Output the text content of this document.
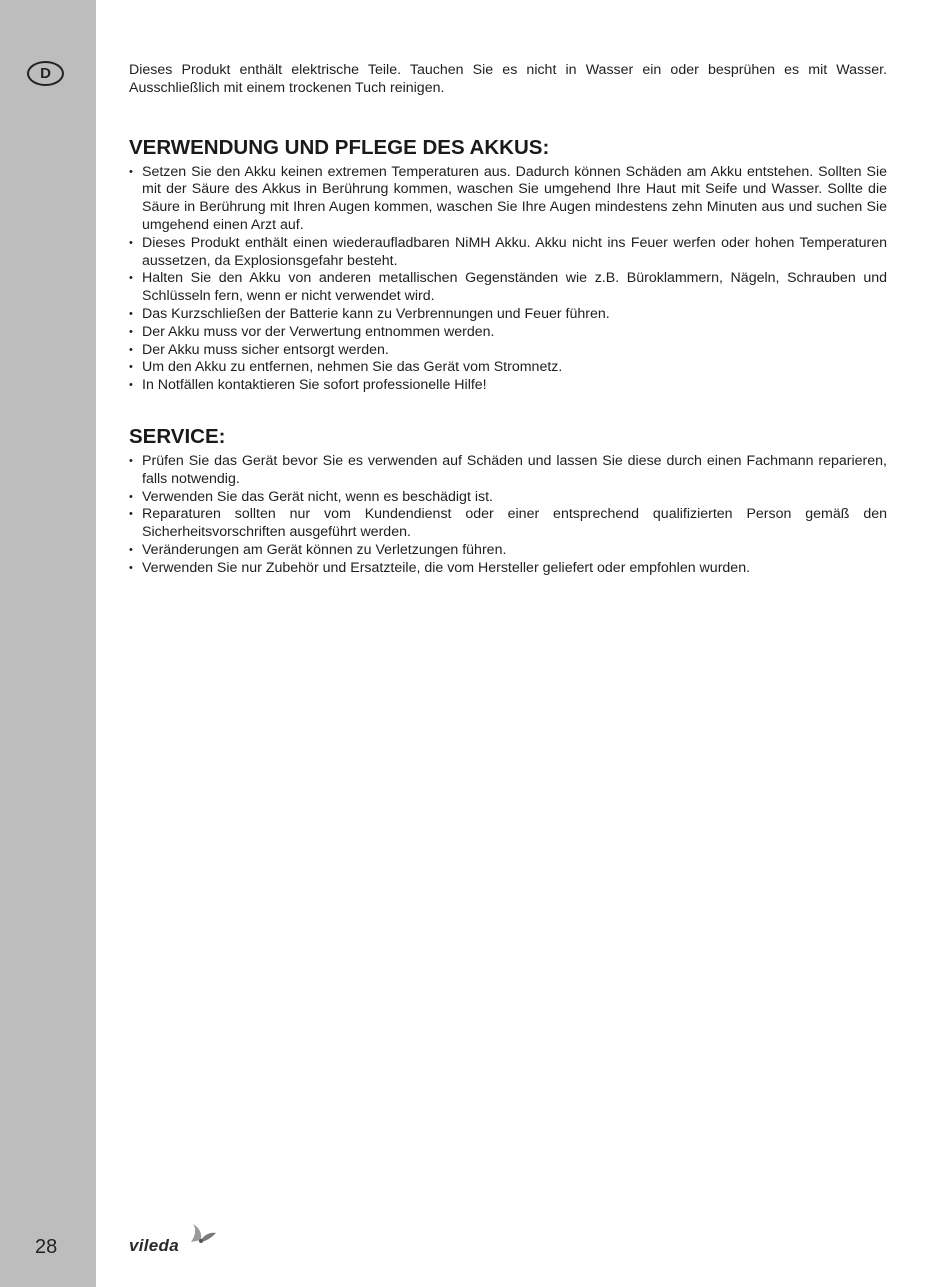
D
28

Dieses Produkt enthält elektrische Teile. Tauchen Sie es nicht in Wasser ein oder besprühen es mit Wasser. Ausschließlich mit einem trockenen Tuch reinigen.

VERWENDUNG UND PFLEGE DES AKKUS:
• Setzen Sie den Akku keinen extremen Temperaturen aus. Dadurch können Schäden am Akku entstehen. Sollten Sie mit der Säure des Akkus in Berührung kommen, waschen Sie umgehend Ihre Haut mit Seife und Wasser. Sollte die Säure in Berührung mit Ihren Augen kommen, waschen Sie Ihre Augen mindestens zehn Minuten aus und suchen Sie umgehend einen Arzt auf.
• Dieses Produkt enthält einen wiederaufladbaren NiMH Akku. Akku nicht ins Feuer werfen oder hohen Temperaturen aussetzen, da Explosionsgefahr besteht.
• Halten Sie den Akku von anderen metallischen Gegenständen wie z.B. Büroklammern, Nägeln, Schrauben und Schlüsseln fern, wenn er nicht verwendet wird.
• Das Kurzschließen der Batterie kann zu Verbrennungen und Feuer führen.
• Der Akku muss vor der Verwertung entnommen werden.
• Der Akku muss sicher entsorgt werden.
• Um den Akku zu entfernen, nehmen Sie das Gerät vom Stromnetz.
• In Notfällen kontaktieren Sie sofort professionelle Hilfe!
SERVICE:
• Prüfen Sie das Gerät bevor Sie es verwenden auf Schäden und lassen Sie diese durch einen Fachmann reparieren, falls notwendig.
• Verwenden Sie das Gerät nicht, wenn es beschädigt ist.
• Reparaturen sollten nur vom Kundendienst oder einer entsprechend qualifizierten Person gemäß den Sicherheitsvorschriften ausgeführt werden.
• Veränderungen am Gerät können zu Verletzungen führen.
• Verwenden Sie nur Zubehör und Ersatzteile, die vom Hersteller geliefert oder empfohlen wurden.
vileda
